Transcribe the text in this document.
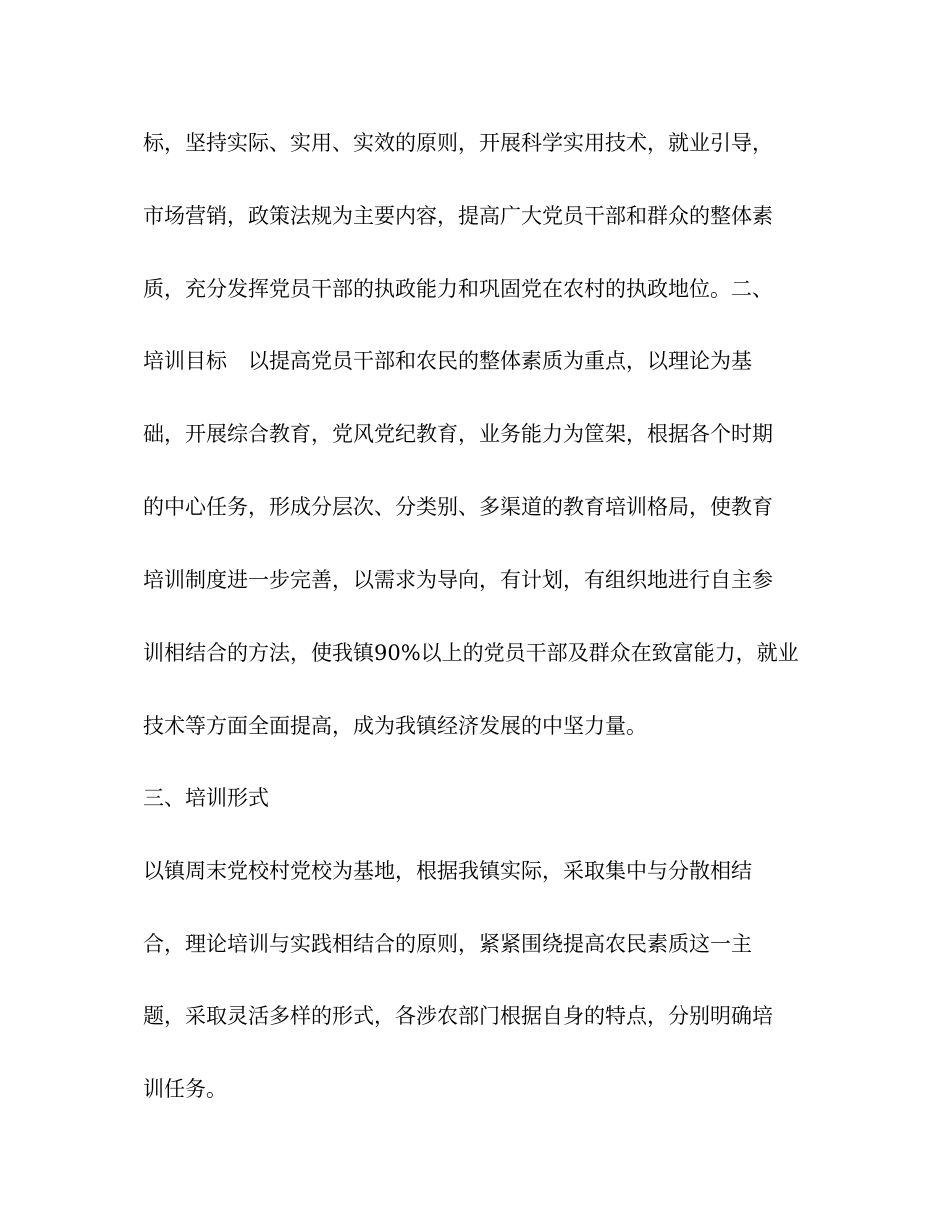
标，坚持实际、实用、实效的原则，开展科学实用技术，就业引导，
市场营销，政策法规为主要内容，提高广大党员干部和群众的整体素
质，充分发挥党员干部的执政能力和巩固党在农村的执政地位。二、
培训目标　以提高党员干部和农民的整体素质为重点，以理论为基
础，开展综合教育，党风党纪教育，业务能力为筐架，根据各个时期
的中心任务，形成分层次、分类别、多渠道的教育培训格局，使教育
培训制度进一步完善，以需求为导向，有计划，有组织地进行自主参
训相结合的方法，使我镇90%以上的党员干部及群众在致富能力，就业
技术等方面全面提高，成为我镇经济发展的中坚力量。
三、培训形式
以镇周末党校村党校为基地，根据我镇实际，采取集中与分散相结
合，理论培训与实践相结合的原则，紧紧围绕提高农民素质这一主
题，采取灵活多样的形式，各涉农部门根据自身的特点，分别明确培
训任务。
